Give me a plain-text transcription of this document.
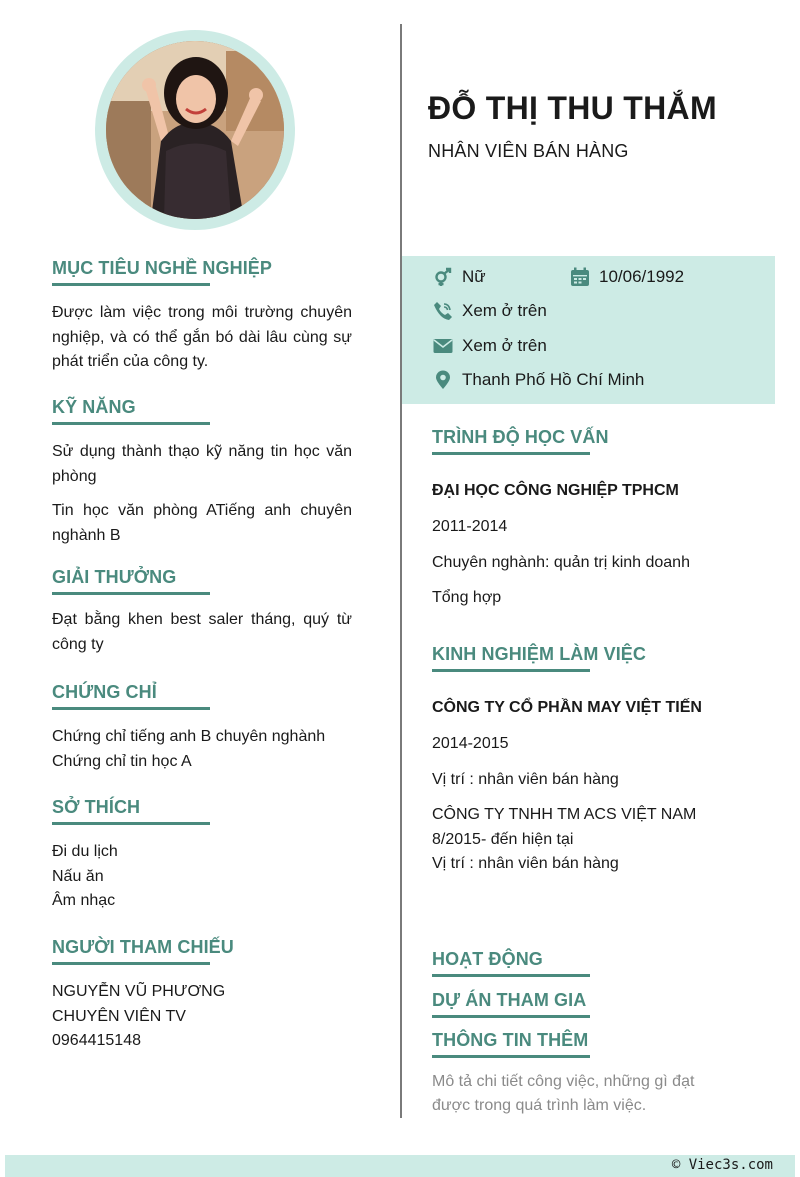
MỤC TIÊU NGHỀ NGHIỆP
Được làm việc trong môi trường chuyên nghiệp, và có thể gắn bó dài lâu cùng sự phát triển của công ty.
KỸ NĂNG
Sử dụng thành thạo kỹ năng tin học văn phòng
Tin học văn phòng ATiếng anh chuyên nghành B
GIẢI THƯỞNG
Đạt bằng khen best saler tháng, quý từ công ty
CHỨNG CHỈ
Chứng chỉ tiếng anh B chuyên nghành
Chứng chỉ tin học A
SỞ THÍCH
Đi du lịch
Nấu ăn
Âm nhạc
NGƯỜI THAM CHIẾU
NGUYỄN VŨ PHƯƠNG
CHUYÊN VIÊN TV
0964415148
ĐỖ THỊ THU THẮM
NHÂN VIÊN BÁN HÀNG
Nữ	10/06/1992
Xem ở trên
Xem ở trên
Thanh Phố Hồ Chí Minh
TRÌNH ĐỘ HỌC VẤN
ĐẠI HỌC CÔNG NGHIỆP TPHCM
2011-2014
Chuyên nghành: quản trị kinh doanh
Tổng hợp
KINH NGHIỆM LÀM VIỆC
CÔNG TY CỔ PHẦN MAY VIỆT TIẾN
2014-2015
Vị trí : nhân viên bán hàng
CÔNG TY TNHH TM ACS VIỆT NAM
8/2015- đến hiện tại
Vị trí : nhân viên bán hàng
HOẠT ĐỘNG
DỰ ÁN THAM GIA
THÔNG TIN THÊM
Mô tả chi tiết công việc, những gì đạt được trong quá trình làm việc.
© Viec3s.com
